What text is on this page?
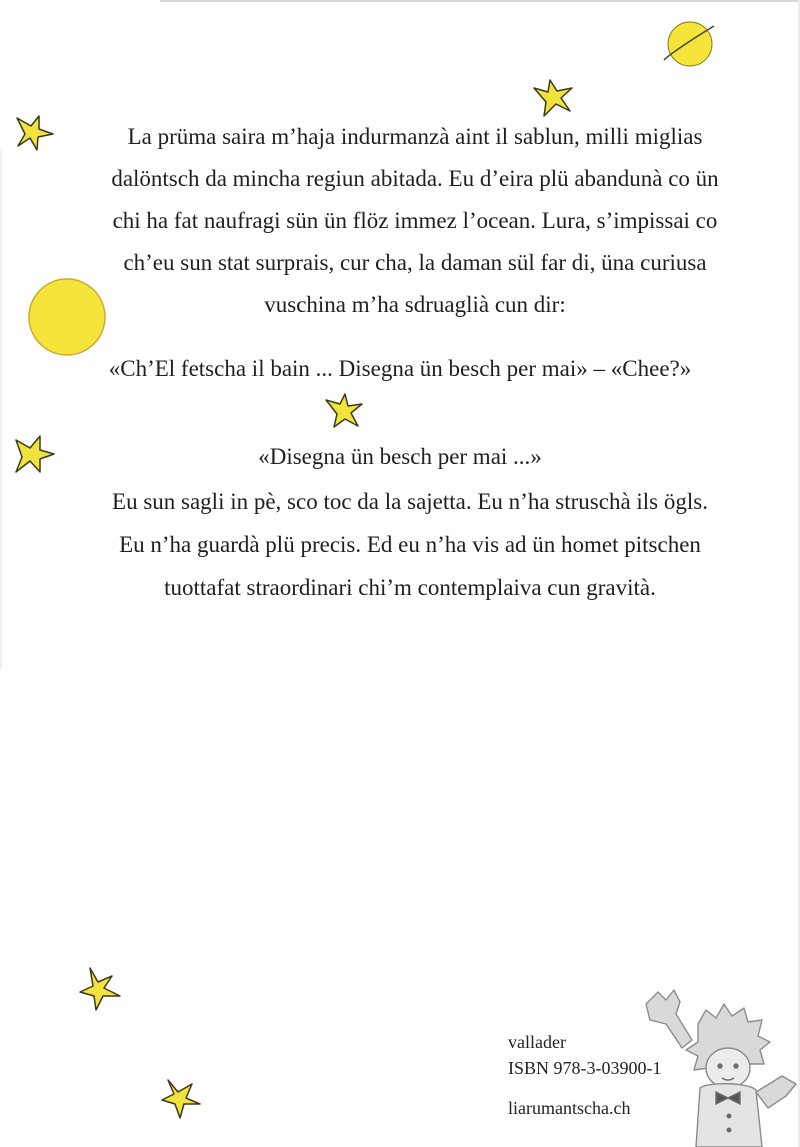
La prüma saira m’haja indurmanzà aint il sablun, milli miglias
dalöntsch da mincha regiun abitada. Eu d’eira plü abandunà co ün
chi ha fat naufragi sün ün flöz immez l’ocean. Lura, s’impissai co
ch’eu sun stat surprais, cur cha, la daman sül far di, üna curiusa
vuschina m’ha sdruaglià cun dir:
«Ch’El fetscha il bain ... Disegna ün besch per mai» – «Chee?»
«Disegna ün besch per mai ...»
Eu sun sagli in pè, sco toc da la sajetta. Eu n’ha struschà ils ögls.
Eu n’ha guardà plü precis. Ed eu n’ha vis ad ün homet pitschen
tuottafat straordinari chi’m contemplaiva cun gravità.
vallader
ISBN 978-3-03900-1
liarumantscha.ch
